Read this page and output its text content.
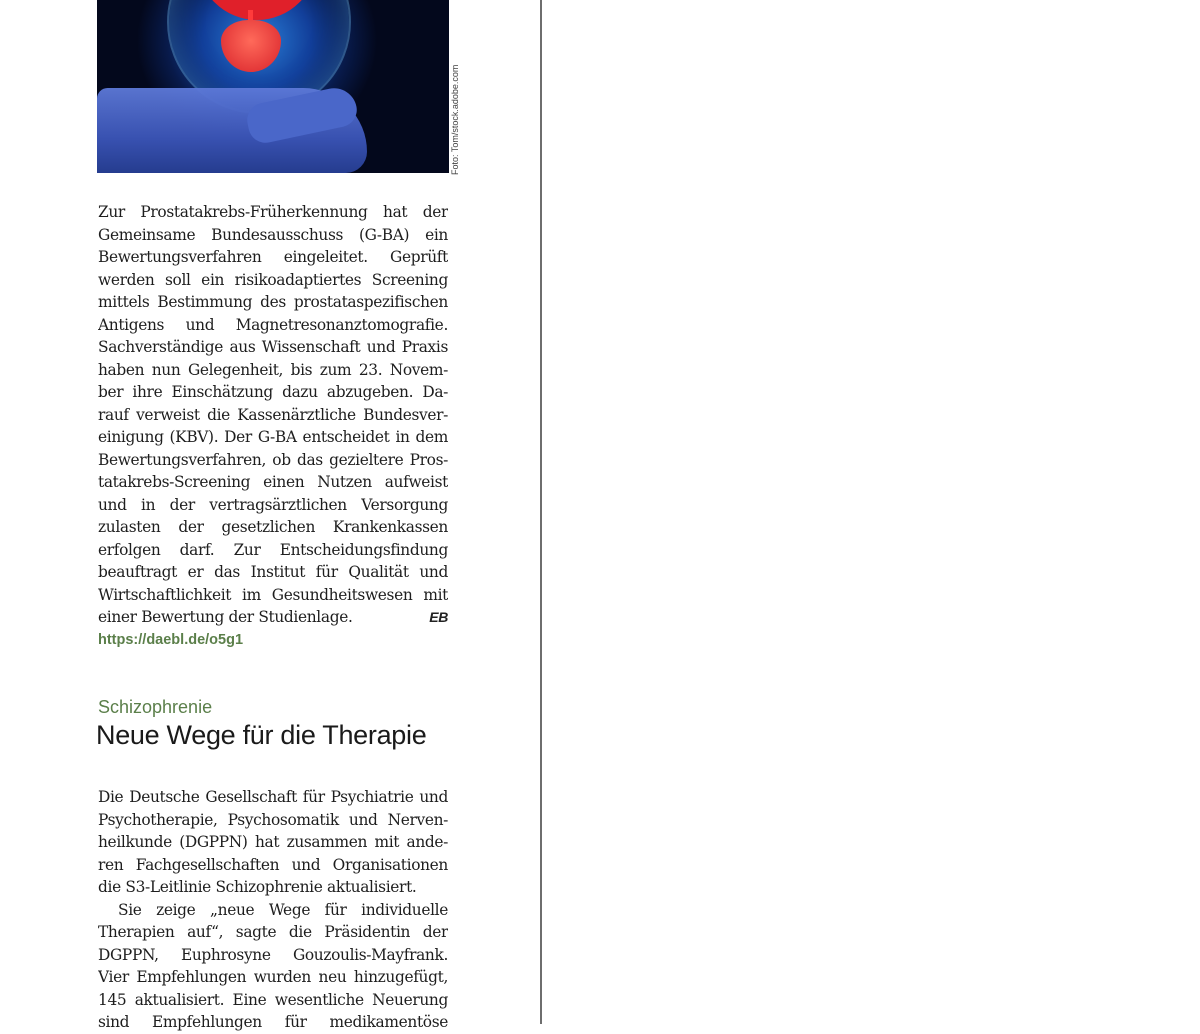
Foto: Tom/stock.adobe.com
Zur Prostatakrebs-Früherkennung hat der
Gemeinsame Bundesausschuss (G-BA) ein
Bewertungsverfahren eingeleitet. Geprüft
werden soll ein risikoadaptiertes Screening
mittels Bestimmung des prostataspezifischen
Antigens und Magnetresonanztomografie.
Sachverständige aus Wissenschaft und Praxis
haben nun Gelegenheit, bis zum 23. Novem-
ber ihre Einschätzung dazu abzugeben. Da-
rauf verweist die Kassenärztliche Bundesver-
einigung (KBV). Der G-BA entscheidet in dem
Bewertungsverfahren, ob das gezieltere Pros-
tatakrebs-Screening einen Nutzen aufweist
und in der vertragsärztlichen Versorgung
zulasten der gesetzlichen Krankenkassen
erfolgen darf. Zur Entscheidungsfindung
beauftragt er das Institut für Qualität und
Wirtschaftlichkeit im Gesundheitswesen mit
einer Bewertung der Studienlage.	EB
https://daebl.de/o5g1
Schizophrenie
Neue Wege für die Therapie
Die Deutsche Gesellschaft für Psychiatrie und
Psychotherapie, Psychosomatik und Nerven-
heilkunde (DGPPN) hat zusammen mit ande-
ren Fachgesellschaften und Organisationen
die S3-Leitlinie Schizophrenie aktualisiert.
Sie zeige „neue Wege für individuelle
Therapien auf“, sagte die Präsidentin der
DGPPN, Euphrosyne Gouzoulis-Mayfrank.
Vier Empfehlungen wurden neu hinzugefügt,
145 aktualisiert. Eine wesentliche Neuerung
sind Empfehlungen für medikamentöse
